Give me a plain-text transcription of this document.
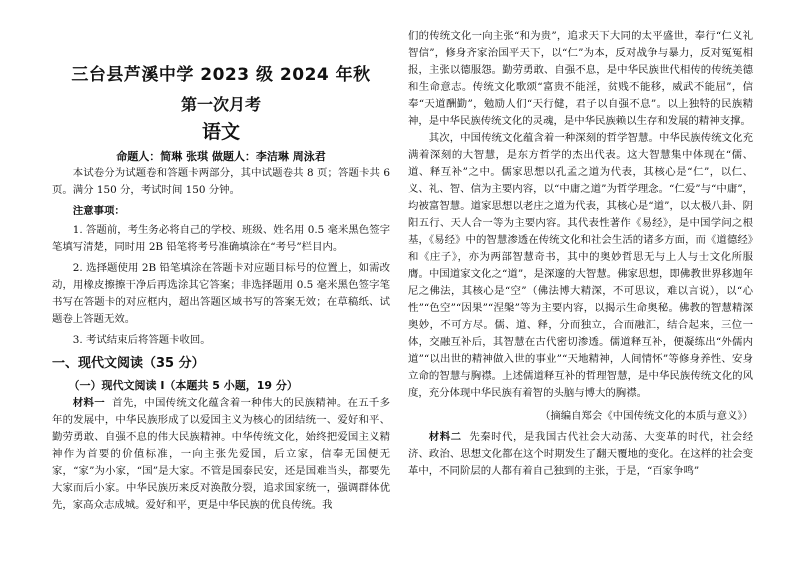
三台县芦溪中学 2023 级 2024 年秋
第一次月考
语文
命题人：简琳 张琪 做题人：李洁琳 周泳君

本试卷分为试题卷和答题卡两部分，其中试题卷共 8 页；答题卡共 6 页。满分 150 分，考试时间 150 分钟。

注意事项：

1. 答题前，考生务必将自己的学校、班级、姓名用 0.5 毫米黑色签字笔填写清楚，同时用 2B 铅笔将考号准确填涂在“考号”栏目内。

2. 选择题使用 2B 铅笔填涂在答题卡对应题目标号的位置上，如需改动，用橡皮擦擦干净后再选涂其它答案；非选择题用 0.5 毫米黑色签字笔书写在答题卡的对应框内，超出答题区域书写的答案无效；在草稿纸、试题卷上答题无效。

3. 考试结束后将答题卡收回。

一、现代文阅读（35 分）
（一）现代文阅读 I（本题共 5 小题，19 分）

材料一 首先，中国传统文化蕴含着一种伟大的民族精神。在五千多年的发展中，中华民族形成了以爱国主义为核心的团结统一、爱好和平、勤劳勇敢、自强不息的伟大民族精神。中华传统文化，始终把爱国主义精神作为首要的价值标准，一向主张先爱国，后立家，信奉无国便无家，“家”为小家，“国”是大家。不管是国泰民安，还是国难当头，都要先大家而后小家。中华民族历来反对涣散分裂，追求国家统一，强调群体优先，家高众志成城。爱好和平，更是中华民族的优良传统。我

们的传统文化一向主张“和为贵”，追求天下大同的太平盛世，奉行“仁义礼智信”，修身齐家治国平天下，以“仁”为本，反对战争与暴力，反对冤冤相报，主张以德服怨。勤劳勇敢、自强不息，是中华民族世代相传的传统美德和生命意志。传统文化歌颂“富贵不能淫，贫贱不能移，威武不能屈”，信奉“天道酬勤”，勉励人们“天行健，君子以自强不息”。以上独特的民族精神，是中华民族传统文化的灵魂，是中华民族赖以生存和发展的精神支撑。

其次，中国传统文化蕴含着一种深刻的哲学智慧。中华民族传统文化充满着深刻的大智慧，是东方哲学的杰出代表。这大智慧集中体现在“儒、道、释互补”之中。儒家思想以孔孟之道为代表，其核心是“仁”，以仁、义、礼、智、信为主要内容，以“中庸之道”为哲学理念。“仁爱”与“中庸”，均被富智慧。道家思想以老庄之道为代表，其核心是“道”，以太极八卦、阴阳五行、天人合一等为主要内容。其代表性著作《易经》，是中国学问之根基，《易经》中的智慧渗透在传统文化和社会生活的诸多方面，而《道德经》和《庄子》，亦为两部智慧奇书，其中的奥妙哲思无与上人与士文化所服膺。中国道家文化之“道”，是深邃的大智慧。佛家思想，即佛教世界移迦年尼之佛法，其核心是“空”（佛法博大精深，不可思议，难以言说），以“心性”“色空”“因果”“涅槃”等为主要内容，以揭示生命奥秘。佛教的智慧精深奥妙，不可方尽。儒、道、释，分而独立，合而融汇，结合起来，三位一体，交融互补后，其智慧在古代密切渗透。儒道释互补，便凝练出“外儒内道”“以出世的精神做入世的事业”“天地精神，人间情怀”等修身养性、安身立命的智慧与胸襟。上述儒道释互补的哲理智慧，是中华民族传统文化的风度，充分体现中华民族有着智的头脑与博大的胸襟。

（摘编自郑会《中国传统文化的本质与意义》）

材料二 先秦时代，是我国古代社会大动荡、大变革的时代，社会经济、政治、思想文化都在这个时期发生了翻天覆地的变化。在这样的社会变革中，不同阶层的人都有着自己独到的主张，于是，“百家争鸣”
